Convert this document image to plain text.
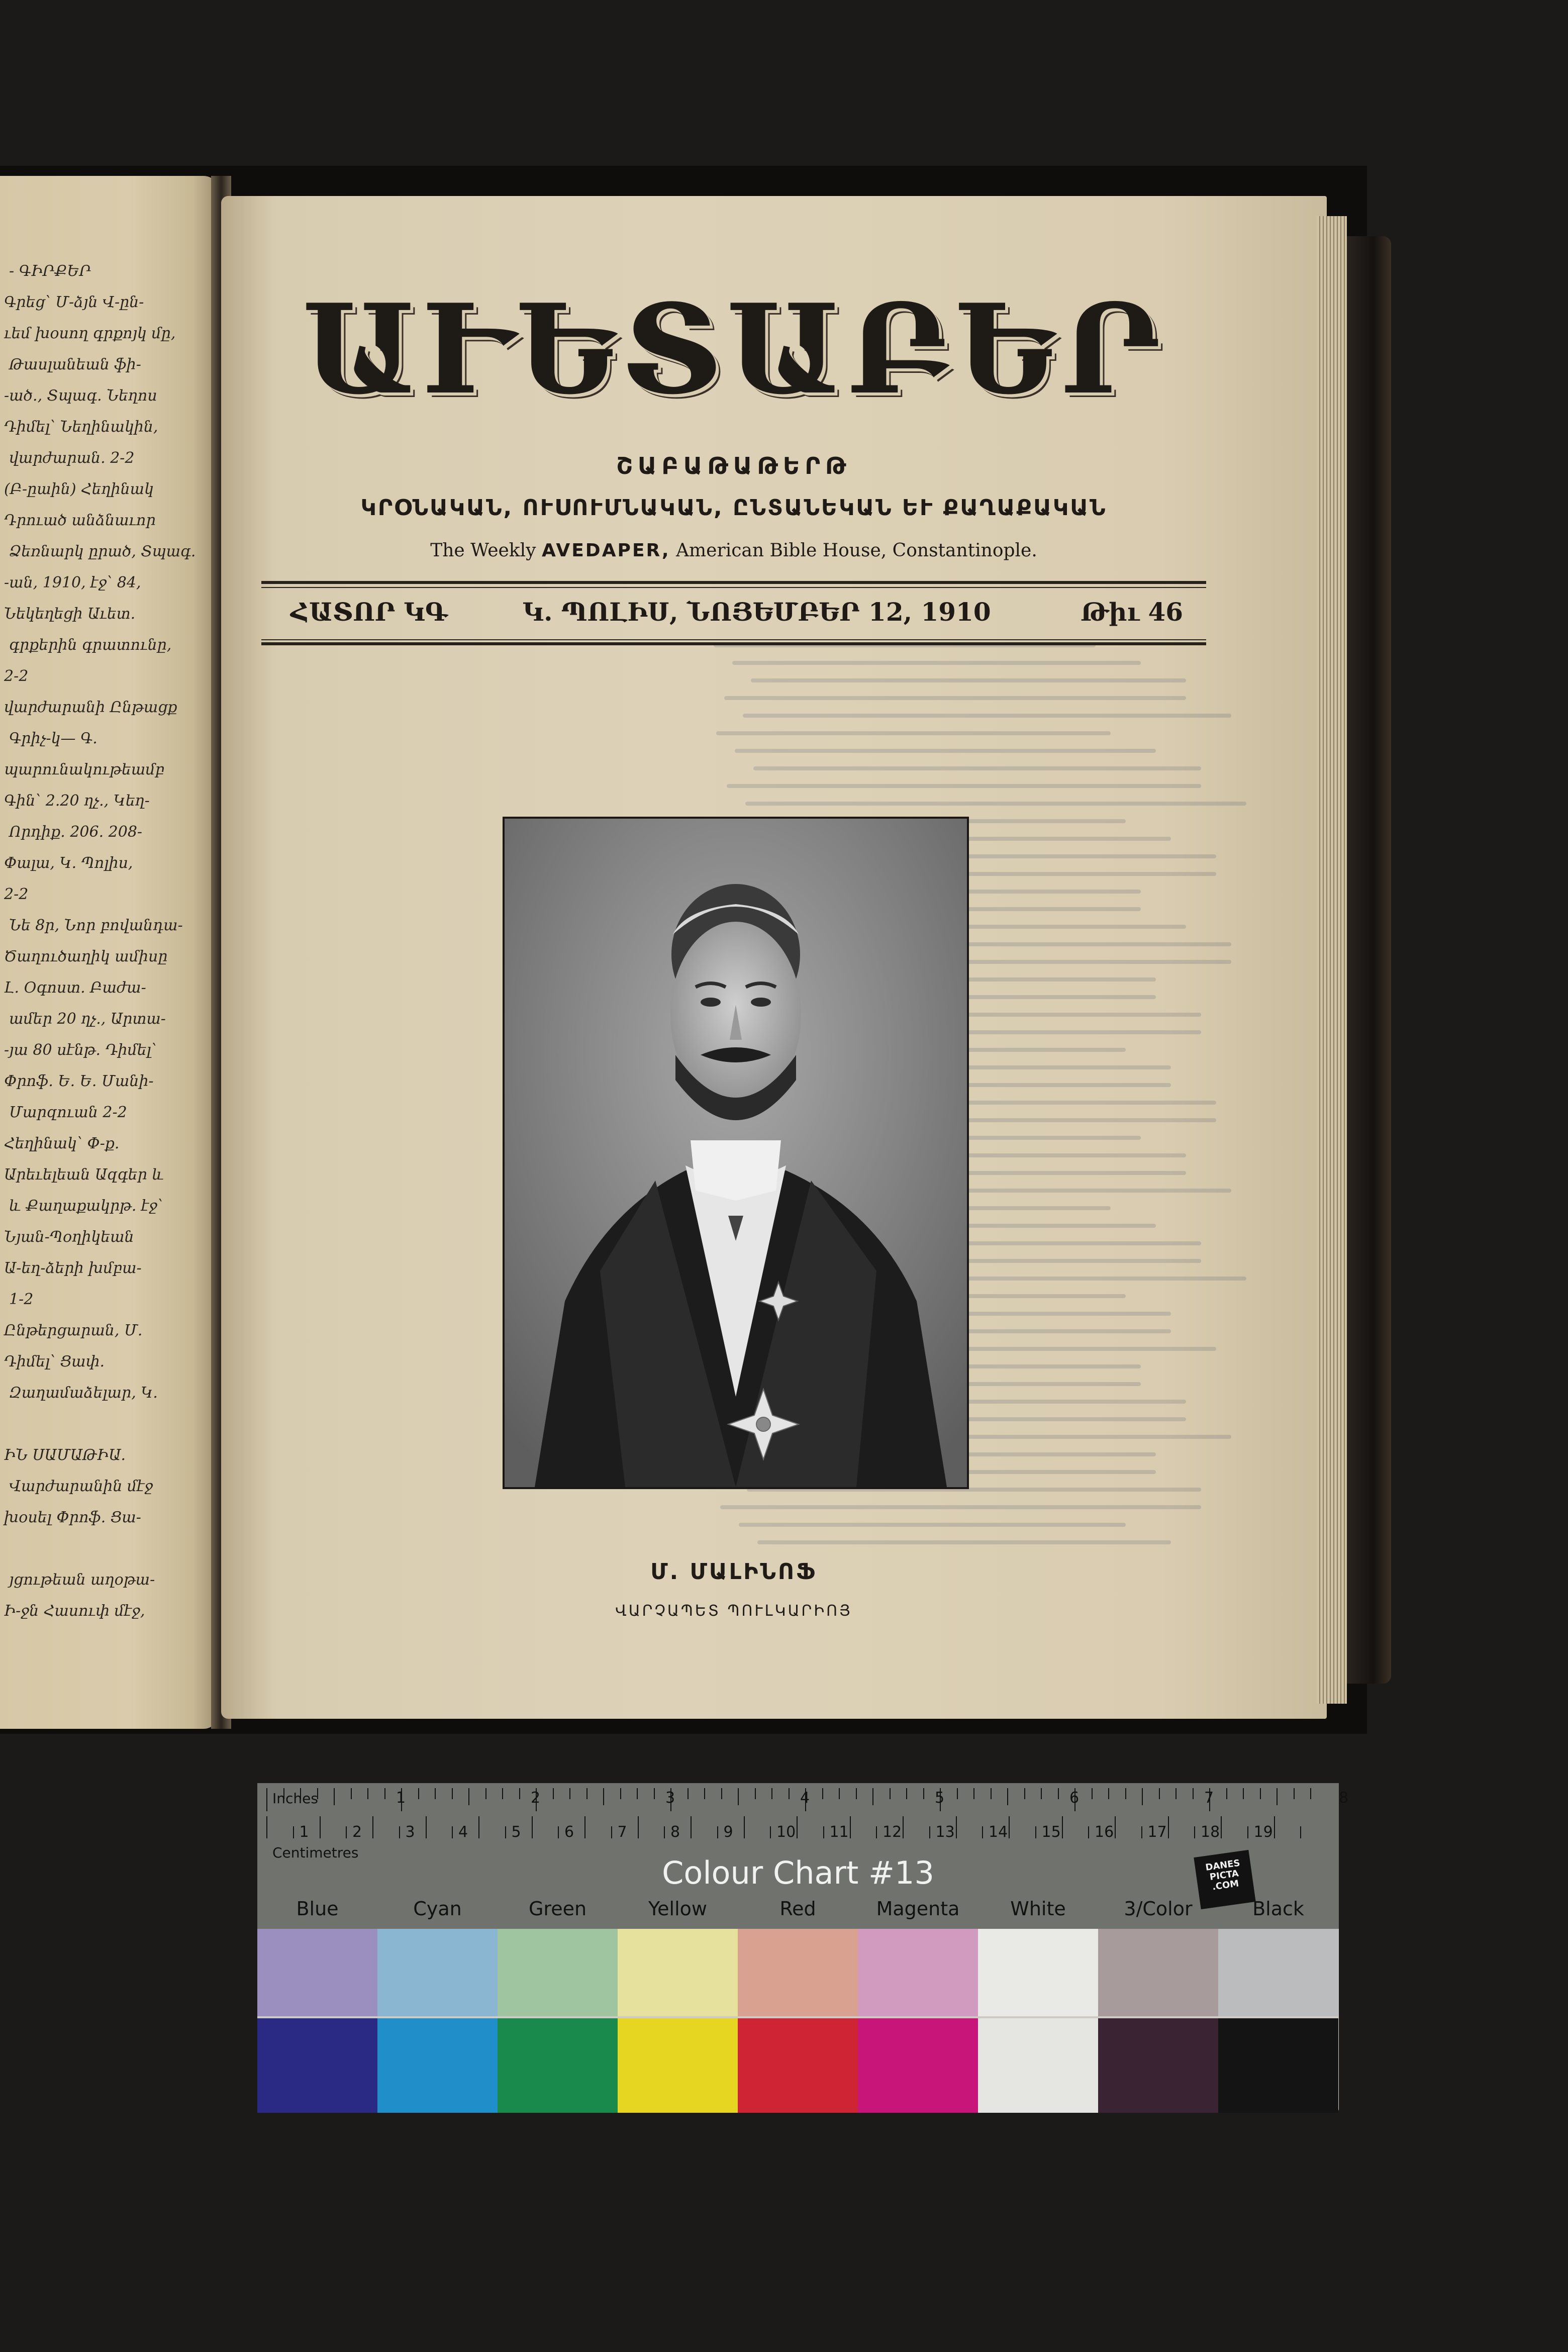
- ԳԻՐՔԵՐ
Գրեց՝ Մ-ձյն Վ-ըն-
ւեմ խօսող գրքոյկ մը,
Թասլանեան ֆի-
-ած., Տպագ. Նեղոս
Դիմել՝ Նեղինակին,
վարժարան. 2-2
(Բ-ըաին) Հեղինակ
Դրուած անձնաւոր
Ձեռնարկ ըրած, Տպագ.
-ան, 1910, էջ՝ 84,
Նեկեղեցի Աւետ.
գրքերին գրատունը,
2-2
վարժարանի Ընթացք
Գրիչ-կ— Գ.
պարունակութեամբ
Գին՝ 2.20 ղչ., Կեղ-
Որդիք. 206. 208-
Փալա, Կ. Պոլիս,
2-2
Նե 8ր, Նոր բովանդա-
Ծաղուծաղիկ ամիսը
Լ. Օգոստ. Բաժա-
ամեր 20 ղչ., Արտա-
-յա 80 սէնթ. Դիմել՝
Փրոֆ. Ե. Ե. Մանի-
Մարզուան 2-2
Հեղինակ՝ Փ-ք.
Արեւելեան Ազգեր և
և Քաղաքակրթ. էջ՝
Նյան-Պօղիկեան
Ա-եղ-ձերի խմբա-
1-2
Ընթերցարան, Մ.
Դիմել՝ Ցափ.
Զաղամաձելար, Կ.
ԻՆ ՍԱՄԱԹԻԱ.
Վարժարանին մէջ
խօսել Փրոֆ. Ցա-
յցութեան աղօթա-
Ի-ջն Հասուփ մէջ,
ԱՒԵՏԱԲԵՐ
ՇԱԲԱԹԱԹԵՐԹ
ԿՐՕՆԱԿԱՆ, ՈՒՍՈՒՄՆԱԿԱՆ, ԸՆՏԱՆԵԿԱՆ ԵՒ ՔԱՂԱՔԱԿԱՆ
The Weekly AVEDAPER, American Bible House, Constantinople.
ՀԱՏՈՐ ԿԳ	Կ. ՊՈԼԻՍ, ՆՈՅԵՄԲԵՐ 12, 1910	Թիւ 46
Մ. ՄԱԼԻՆՈՖ
ՎԱՐՉԱՊԵՏ ՊՈՒԼԿԱՐԻՈՅ
1	2	3	4	5	6	7	8
1	2	3	4	5	6	7	8	9	10 11 12 13 14 15 16 17 18 19
Inches
Centimetres
Colour Chart #13	DANES PICTA .COM
Blue	Cyan	Green	Yellow	Red	Magenta	White	3/Color	Black
